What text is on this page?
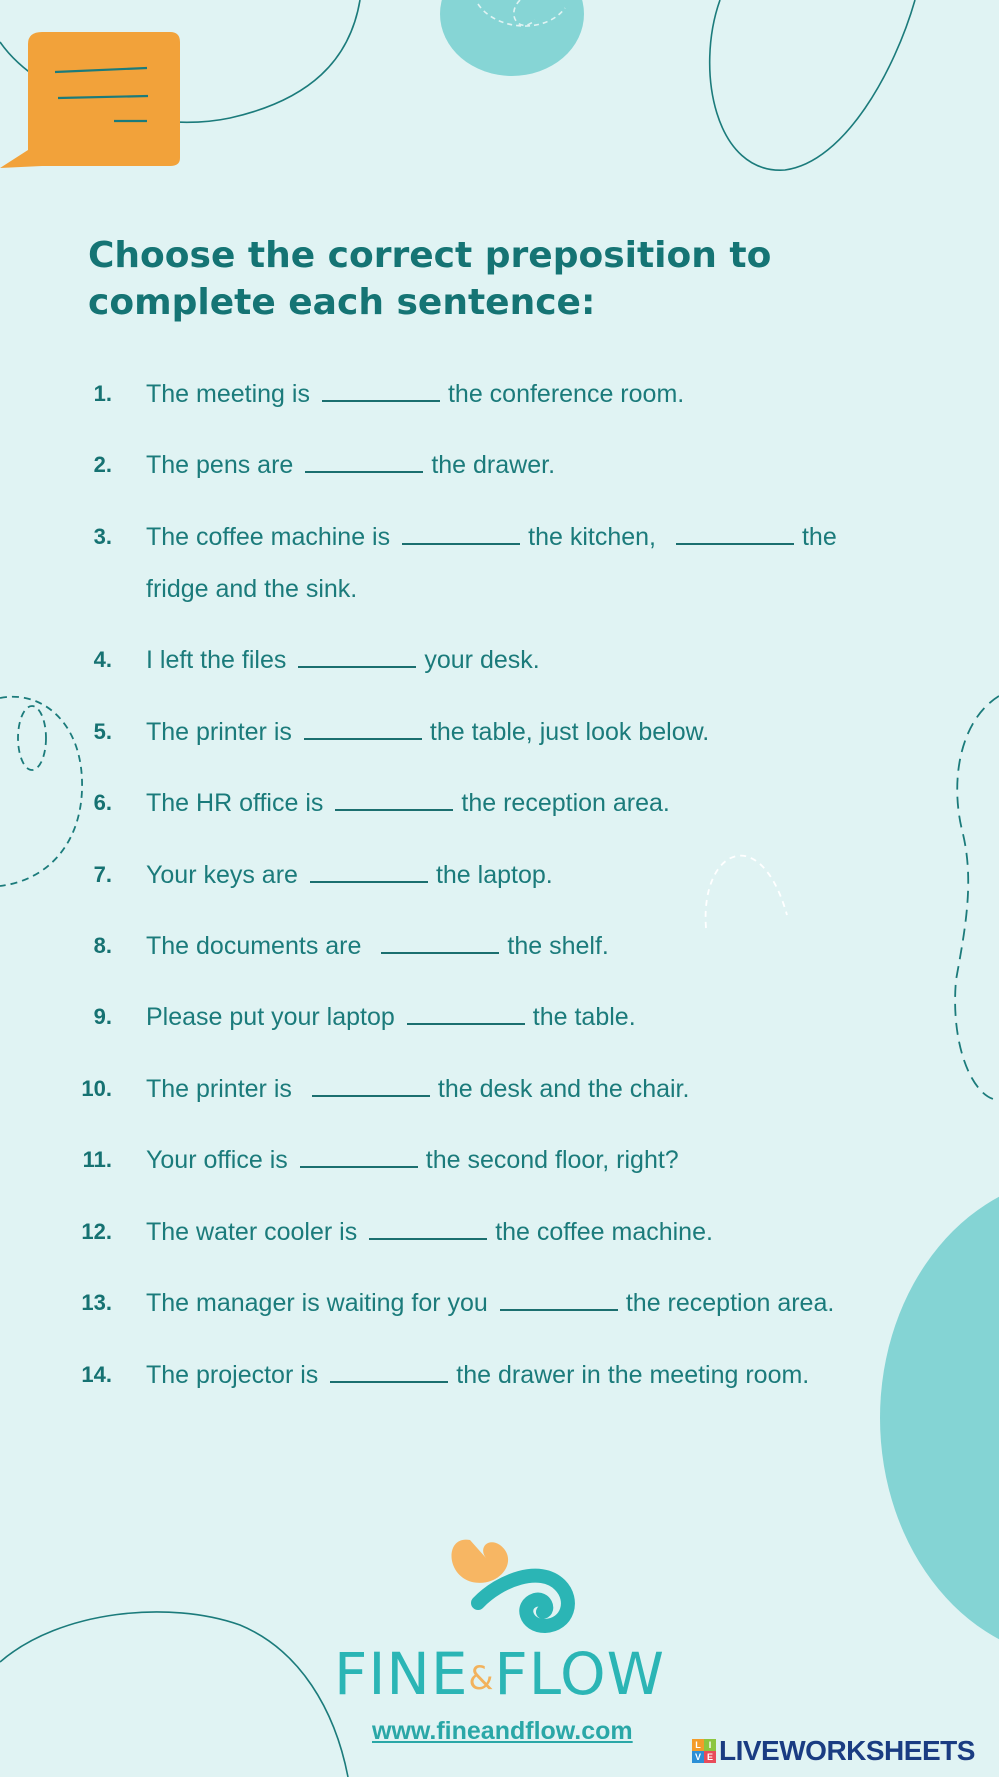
Choose the correct preposition to complete each sentence:
1. The meeting is	the conference room.
2. The pens are	the drawer.
3. The coffee machine is	the kitchen,	the
fridge and the sink.
4. I left the files	your desk.
5. The printer is	the table, just look below.
6. The HR office is	the reception area.
7. Your keys are	the laptop.
8. The documents are	the shelf.
9. Please put your laptop	the table.
10. The printer is	the desk and the chair.
11. Your office is	the second floor, right?
12. The water cooler is	the coffee machine.
13. The manager is waiting for you	the reception area.
14. The projector is	the drawer in the meeting room.
FINE&FLOW
www.fineandflow.com	L I
V E LIVEWORKSHEETS
